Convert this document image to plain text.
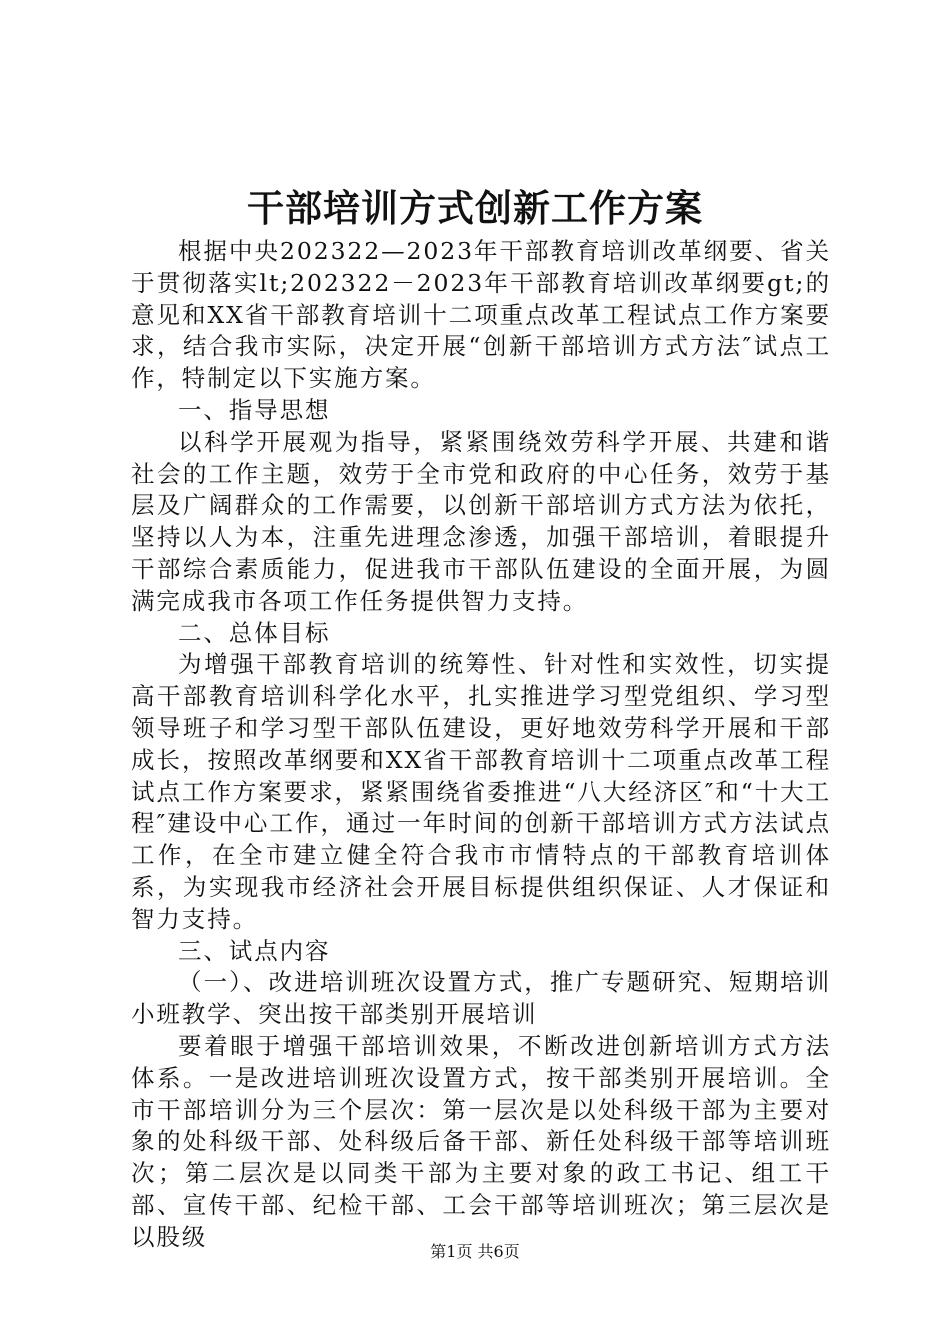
干部培训方式创新工作方案

根据中央202322—2023年干部教育培训改革纲要、省关于贯彻落实lt;202322－2023年干部教育培训改革纲要gt;的意见和XX省干部教育培训十二项重点改革工程试点工作方案要求，结合我市实际，决定开展“创新干部培训方式方法″试点工作，特制定以下实施方案。

一、指导思想

以科学开展观为指导，紧紧围绕效劳科学开展、共建和谐社会的工作主题，效劳于全市党和政府的中心任务，效劳于基层及广阔群众的工作需要，以创新干部培训方式方法为依托，坚持以人为本，注重先进理念渗透，加强干部培训，着眼提升干部综合素质能力，促进我市干部队伍建设的全面开展，为圆满完成我市各项工作任务提供智力支持。

二、总体目标

为增强干部教育培训的统筹性、针对性和实效性，切实提高干部教育培训科学化水平，扎实推进学习型党组织、学习型领导班子和学习型干部队伍建设，更好地效劳科学开展和干部成长，按照改革纲要和XX省干部教育培训十二项重点改革工程试点工作方案要求，紧紧围绕省委推进“八大经济区″和“十大工程″建设中心工作，通过一年时间的创新干部培训方式方法试点工作，在全市建立健全符合我市市情特点的干部教育培训体系，为实现我市经济社会开展目标提供组织保证、人才保证和智力支持。

三、试点内容

（一）、改进培训班次设置方式，推广专题研究、短期培训小班教学、突出按干部类别开展培训

要着眼于增强干部培训效果，不断改进创新培训方式方法体系。一是改进培训班次设置方式，按干部类别开展培训。全市干部培训分为三个层次：第一层次是以处科级干部为主要对象的处科级干部、处科级后备干部、新任处科级干部等培训班次；第二层次是以同类干部为主要对象的政工书记、组工干部、宣传干部、纪检干部、工会干部等培训班次；第三层次是以股级

第1页 共6页
